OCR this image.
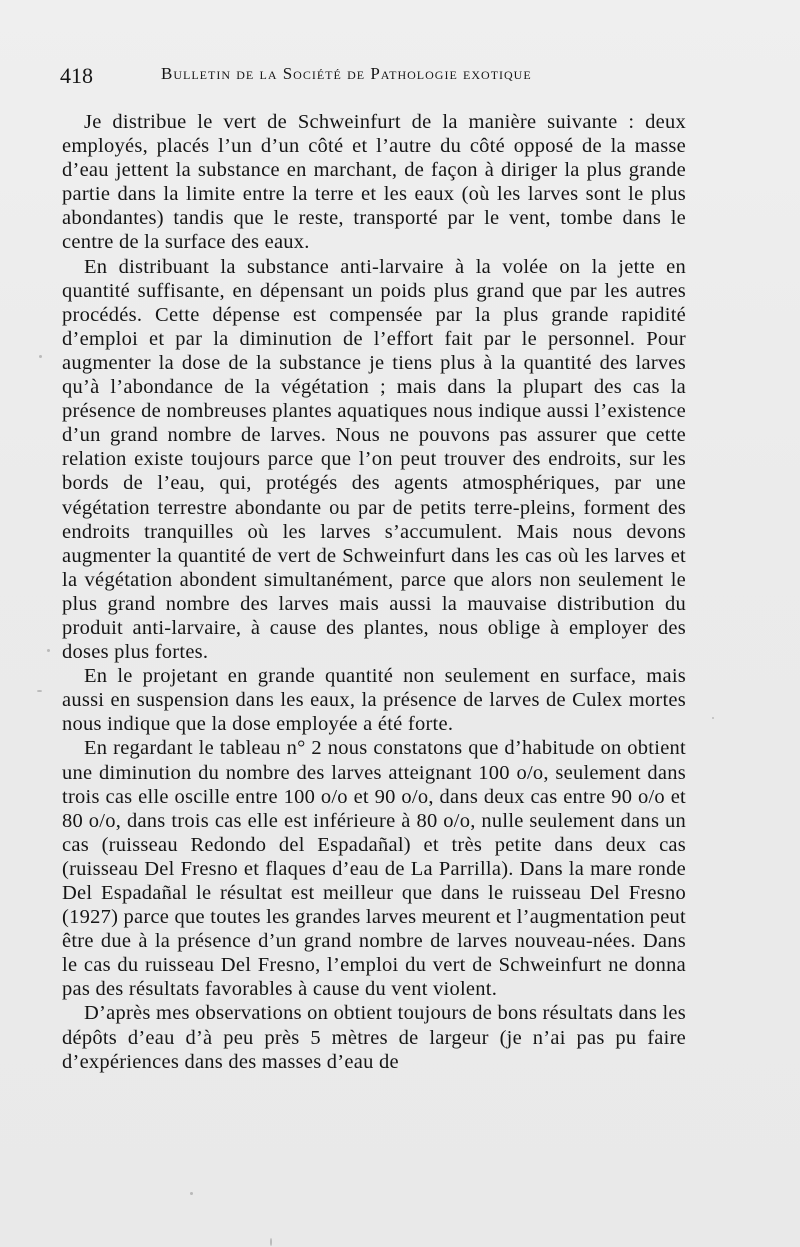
418	Bulletin de la Société de Pathologie exotique

Je distribue le vert de Schweinfurt de la manière suivante : deux employés, placés l’un d’un côté et l’autre du côté opposé de la masse d’eau jettent la substance en marchant, de façon à diriger la plus grande partie dans la limite entre la terre et les eaux (où les larves sont le plus abondantes) tandis que le reste, transporté par le vent, tombe dans le centre de la surface des eaux.

En distribuant la substance anti-larvaire à la volée on la jette en quantité suffisante, en dépensant un poids plus grand que par les autres procédés. Cette dépense est compensée par la plus grande rapidité d’emploi et par la diminution de l’effort fait par le personnel. Pour augmenter la dose de la substance je tiens plus à la quantité des larves qu’à l’abondance de la végétation ; mais dans la plupart des cas la présence de nombreuses plantes aquatiques nous indique aussi l’existence d’un grand nombre de larves. Nous ne pouvons pas assurer que cette relation existe toujours parce que l’on peut trouver des endroits, sur les bords de l’eau, qui, protégés des agents atmosphériques, par une végétation terrestre abondante ou par de petits terre-pleins, forment des endroits tranquilles où les larves s’accumulent. Mais nous devons augmenter la quantité de vert de Schweinfurt dans les cas où les larves et la végétation abondent simultanément, parce que alors non seulement le plus grand nombre des larves mais aussi la mauvaise distribution du produit anti-larvaire, à cause des plantes, nous oblige à employer des doses plus fortes.

En le projetant en grande quantité non seulement en surface, mais aussi en suspension dans les eaux, la présence de larves de Culex mortes nous indique que la dose employée a été forte.

En regardant le tableau n° 2 nous constatons que d’habitude on obtient une diminution du nombre des larves atteignant 100 o/o, seulement dans trois cas elle oscille entre 100 o/o et 90 o/o, dans deux cas entre 90 o/o et 80 o/o, dans trois cas elle est inférieure à 80 o/o, nulle seulement dans un cas (ruisseau Redondo del Espadañal) et très petite dans deux cas (ruisseau Del Fresno et flaques d’eau de La Parrilla). Dans la mare ronde Del Espadañal le résultat est meilleur que dans le ruisseau Del Fresno (1927) parce que toutes les grandes larves meurent et l’augmentation peut être due à la présence d’un grand nombre de larves nouveau-nées. Dans le cas du ruisseau Del Fresno, l’emploi du vert de Schweinfurt ne donna pas des résultats favorables à cause du vent violent.

D’après mes observations on obtient toujours de bons résultats dans les dépôts d’eau d’à peu près 5 mètres de largeur (je n’ai pas pu faire d’expériences dans des masses d’eau de
